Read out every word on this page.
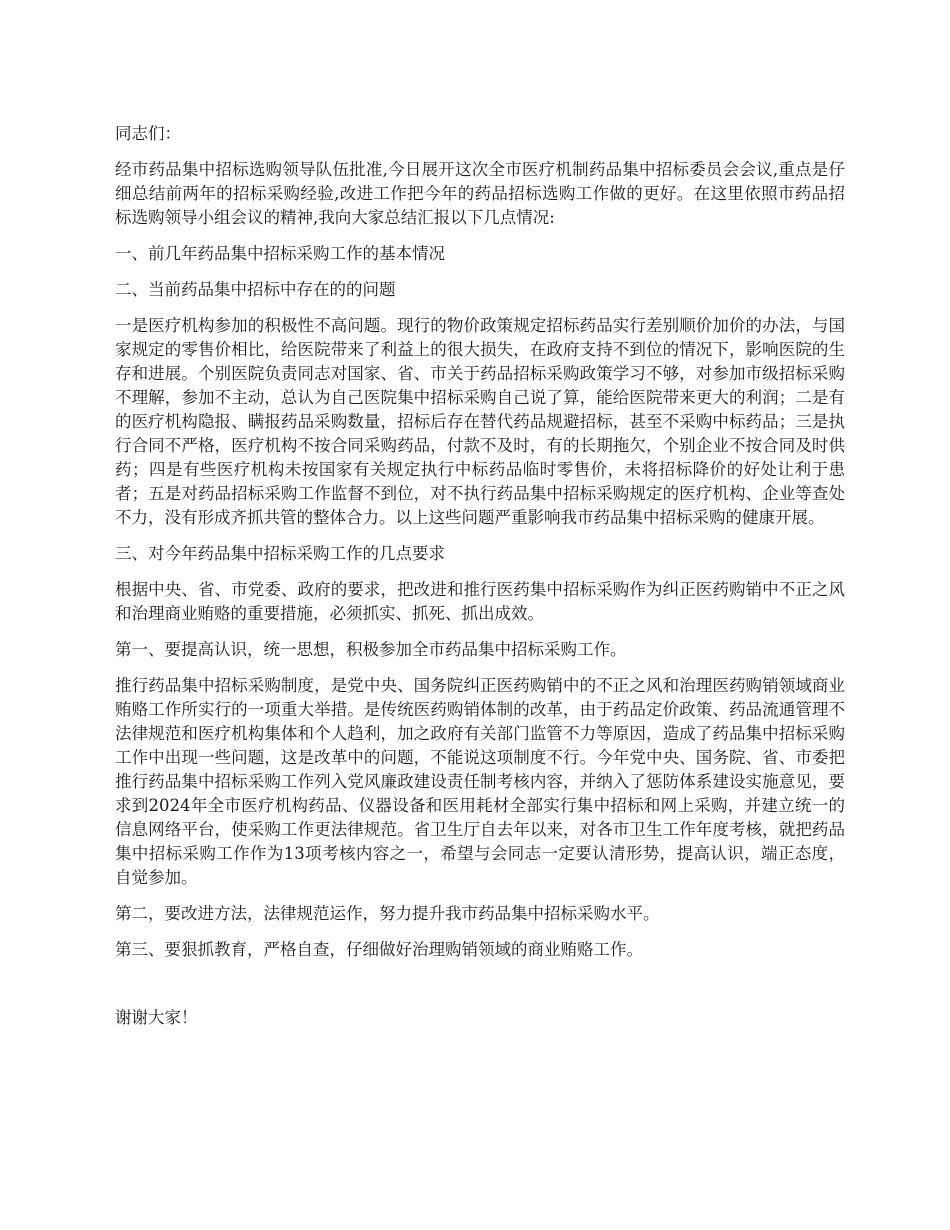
同志们：

经市药品集中招标选购领导队伍批准,今日展开这次全市医疗机制药品集中招标委员会会议,重点是仔细总结前两年的招标采购经验,改进工作把今年的药品招标选购工作做的更好。在这里依照市药品招标选购领导小组会议的精神,我向大家总结汇报以下几点情况:

一、前几年药品集中招标采购工作的基本情况

二、当前药品集中招标中存在的的问题

一是医疗机构参加的积极性不高问题。现行的物价政策规定招标药品实行差别顺价加价的办法，与国家规定的零售价相比，给医院带来了利益上的很大损失，在政府支持不到位的情况下，影响医院的生存和进展。个别医院负责同志对国家、省、市关于药品招标采购政策学习不够，对参加市级招标采购不理解，参加不主动，总认为自己医院集中招标采购自己说了算，能给医院带来更大的利润；二是有的医疗机构隐报、瞒报药品采购数量，招标后存在替代药品规避招标，甚至不采购中标药品；三是执行合同不严格，医疗机构不按合同采购药品，付款不及时，有的长期拖欠，个别企业不按合同及时供药；四是有些医疗机构未按国家有关规定执行中标药品临时零售价，未将招标降价的好处让利于患者；五是对药品招标采购工作监督不到位，对不执行药品集中招标采购规定的医疗机构、企业等查处不力，没有形成齐抓共管的整体合力。以上这些问题严重影响我市药品集中招标采购的健康开展。

三、对今年药品集中招标采购工作的几点要求

根据中央、省、市党委、政府的要求，把改进和推行医药集中招标采购作为纠正医药购销中不正之风和治理商业贿赂的重要措施，必须抓实、抓死、抓出成效。

第一、要提高认识，统一思想，积极参加全市药品集中招标采购工作。

推行药品集中招标采购制度，是党中央、国务院纠正医药购销中的不正之风和治理医药购销领域商业贿赂工作所实行的一项重大举措。是传统医药购销体制的改革，由于药品定价政策、药品流通管理不法律规范和医疗机构集体和个人趋利，加之政府有关部门监管不力等原因，造成了药品集中招标采购工作中出现一些问题，这是改革中的问题，不能说这项制度不行。今年党中央、国务院、省、市委把推行药品集中招标采购工作列入党风廉政建设责任制考核内容，并纳入了惩防体系建设实施意见，要求到2024年全市医疗机构药品、仪器设备和医用耗材全部实行集中招标和网上采购，并建立统一的信息网络平台，使采购工作更法律规范。省卫生厅自去年以来，对各市卫生工作年度考核，就把药品集中招标采购工作作为13项考核内容之一，希望与会同志一定要认清形势，提高认识，端正态度，自觉参加。

第二，要改进方法，法律规范运作，努力提升我市药品集中招标采购水平。

第三、要狠抓教育，严格自查，仔细做好治理购销领域的商业贿赂工作。

谢谢大家！
